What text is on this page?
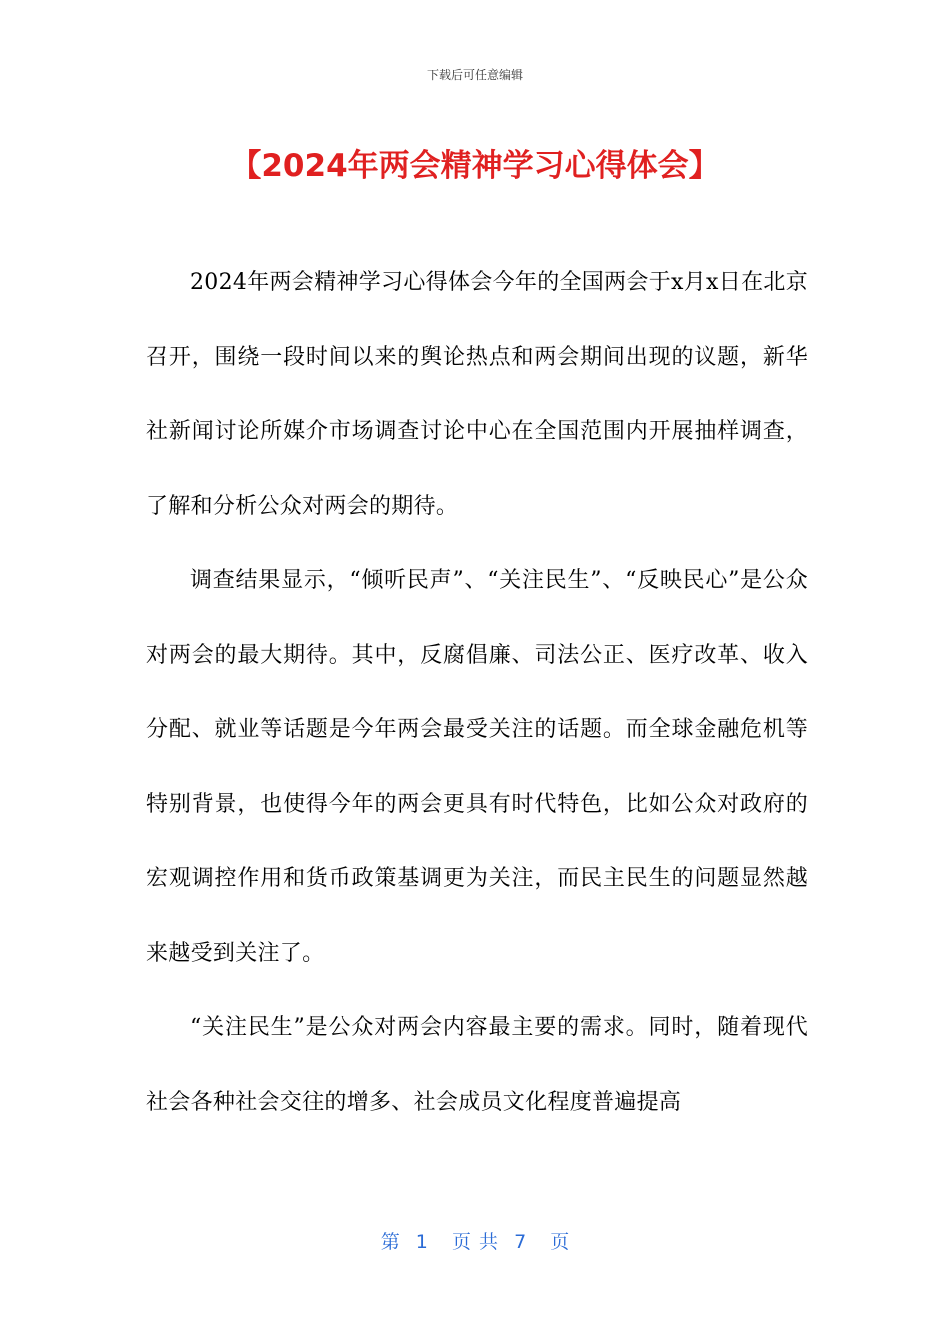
下载后可任意编辑
【2024年两会精神学习心得体会】

2024年两会精神学习心得体会今年的全国两会于x月x日在北京召开，围绕一段时间以来的舆论热点和两会期间出现的议题，新华社新闻讨论所媒介市场调查讨论中心在全国范围内开展抽样调查，了解和分析公众对两会的期待。

调查结果显示，“倾听民声”、“关注民生”、“反映民心”是公众对两会的最大期待。其中，反腐倡廉、司法公正、医疗改革、收入分配、就业等话题是今年两会最受关注的话题。而全球金融危机等特别背景，也使得今年的两会更具有时代特色，比如公众对政府的宏观调控作用和货币政策基调更为关注，而民主民生的问题显然越来越受到关注了。

“关注民生”是公众对两会内容最主要的需求。同时，随着现代社会各种社会交往的增多、社会成员文化程度普遍提高

第  1   页 共  7   页
